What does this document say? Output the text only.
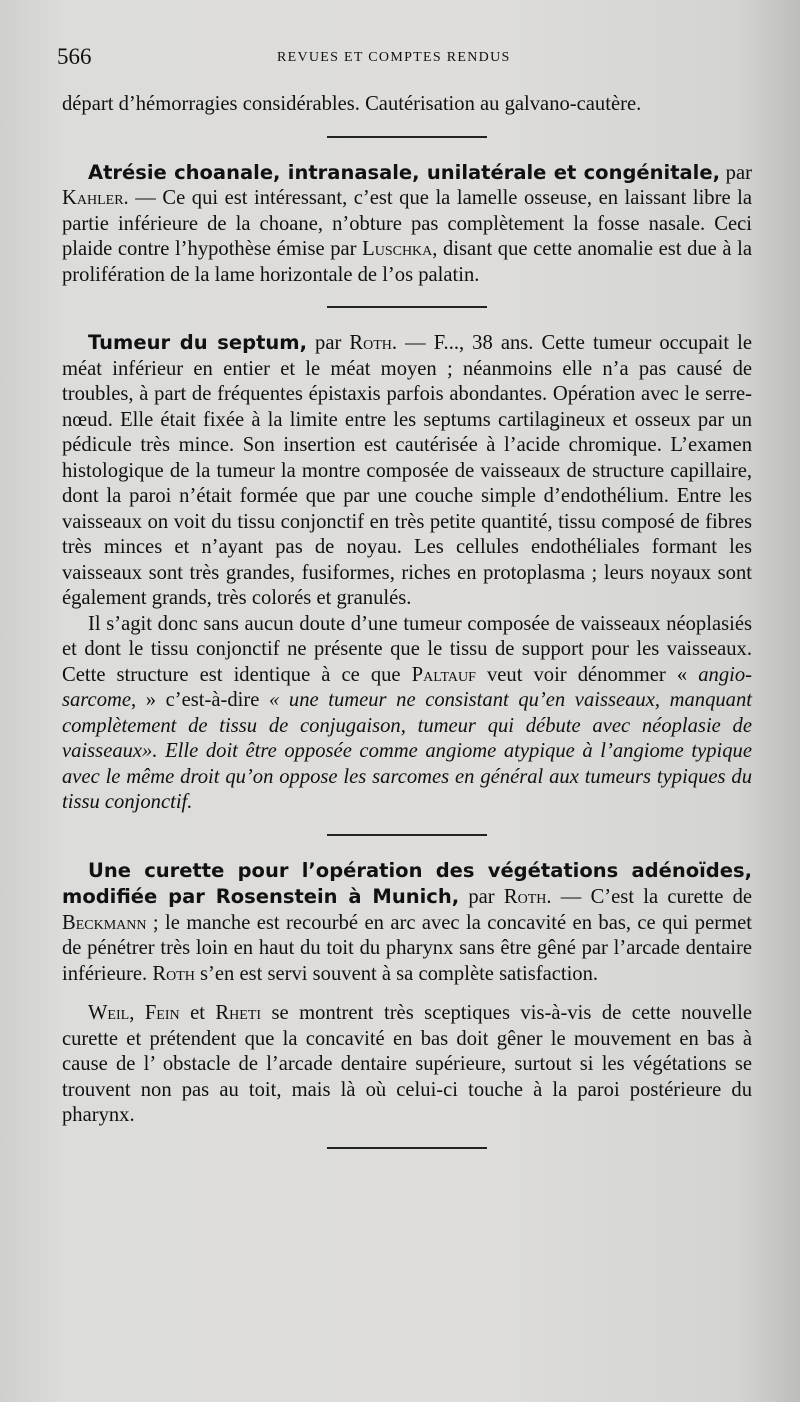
566	REVUES ET COMPTES RENDUS

départ d’hémorragies considérables. Cautérisation au galvano-cautère.

Atrésie choanale, intranasale, unilatérale et congénitale, par Kahler. — Ce qui est intéressant, c’est que la lamelle osseuse, en laissant libre la partie inférieure de la choane, n’obture pas complètement la fosse nasale. Ceci plaide contre l’hypothèse émise par Luschka, disant que cette anomalie est due à la prolifération de la lame horizontale de l’os palatin.

Tumeur du septum, par Roth. — F..., 38 ans. Cette tumeur occupait le méat inférieur en entier et le méat moyen ; néanmoins elle n’a pas causé de troubles, à part de fréquentes épistaxis parfois abondantes. Opération avec le serre-nœud. Elle était fixée à la limite entre les septums cartilagineux et osseux par un pédicule très mince. Son insertion est cautérisée à l’acide chromique. L’examen histologique de la tumeur la montre composée de vaisseaux de structure capillaire, dont la paroi n’était formée que par une couche simple d’endothélium. Entre les vaisseaux on voit du tissu conjonctif en très petite quantité, tissu composé de fibres très minces et n’ayant pas de noyau. Les cellules endothéliales formant les vaisseaux sont très grandes, fusiformes, riches en protoplasma ; leurs noyaux sont également grands, très colorés et granulés.

Il s’agit donc sans aucun doute d’une tumeur composée de vaisseaux néoplasiés et dont le tissu conjonctif ne présente que le tissu de support pour les vaisseaux. Cette structure est identique à ce que Paltauf veut voir dénommer « angio-sarcome, » c’est-à-dire « une tumeur ne consistant qu’en vaisseaux, manquant complètement de tissu de conjugaison, tumeur qui débute avec néoplasie de vaisseaux». Elle doit être opposée comme angiome atypique à l’angiome typique avec le même droit qu’on oppose les sarcomes en général aux tumeurs typiques du tissu conjonctif.

Une curette pour l’opération des végétations adénoïdes, modifiée par Rosenstein à Munich, par Roth. — C’est la curette de Beckmann ; le manche est recourbé en arc avec la concavité en bas, ce qui permet de pénétrer très loin en haut du toit du pharynx sans être gêné par l’arcade dentaire inférieure. Roth s’en est servi souvent à sa complète satisfaction.

Weil, Fein et Rheti se montrent très sceptiques vis-à-vis de cette nouvelle curette et prétendent que la concavité en bas doit gêner le mouvement en bas à cause de l’ obstacle de l’arcade dentaire supérieure, surtout si les végétations se trouvent non pas au toit, mais là où celui-ci touche à la paroi postérieure du pharynx.
